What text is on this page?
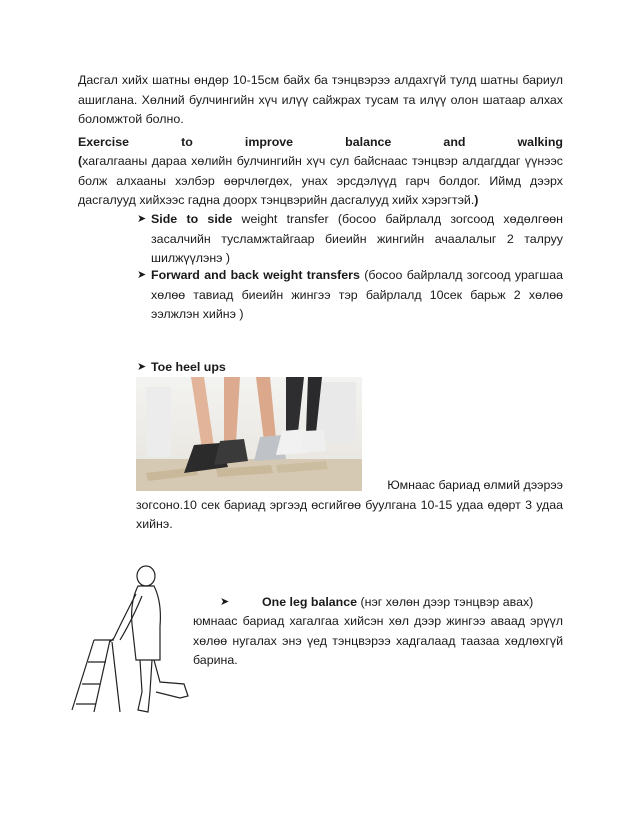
Дасгал хийх шатны өндөр 10-15см байх ба тэнцвэрээ алдахгүй тулд шатны бариул ашиглана. Хөлний булчингийн хүч илүү сайжрах тусам та илүү олон шатаар алхах боломжтой болно.
Exercise	to	improve	balance	and	walking
(хагалгааны дараа хөлийн булчингийн хүч сул байснаас тэнцвэр алдагддаг үүнээс болж алхааны хэлбэр өөрчлөгдөх, унах эрсдэлүүд гарч болдог. Иймд дээрх дасгалууд хийхээс гадна доорх тэнцвэрийн дасгалууд хийх хэрэгтэй.)
➤ Side to side weight transfer (босоо байрлалд зогсоод хөдөлгөөн засалчийн тусламжтайгаар биеийн жингийн ачаалалыг 2 талруу шилжүүлэнэ )
➤ Forward and back weight transfers (босоо байрлалд зогсоод урагшаа хөлөө тавиад биеийн жингээ тэр байрлалд 10сек барьж 2 хөлөө ээлжлэн хийнэ )
➤ Toe heel ups
Юмнаас бариад өлмий дээрээ
зогсоно.10 сек бариад эргээд өсгийгөө буулгана 10-15 удаа өдөрт 3 удаа хийнэ.
➤	One leg balance (нэг хөлөн дээр тэнцвэр авах)
юмнаас бариад хагалгаа хийсэн хөл дээр жингээ аваад эрүүл хөлөө нугалах энэ үед тэнцвэрээ хадгалаад таазаа хөдлөхгүй барина.
